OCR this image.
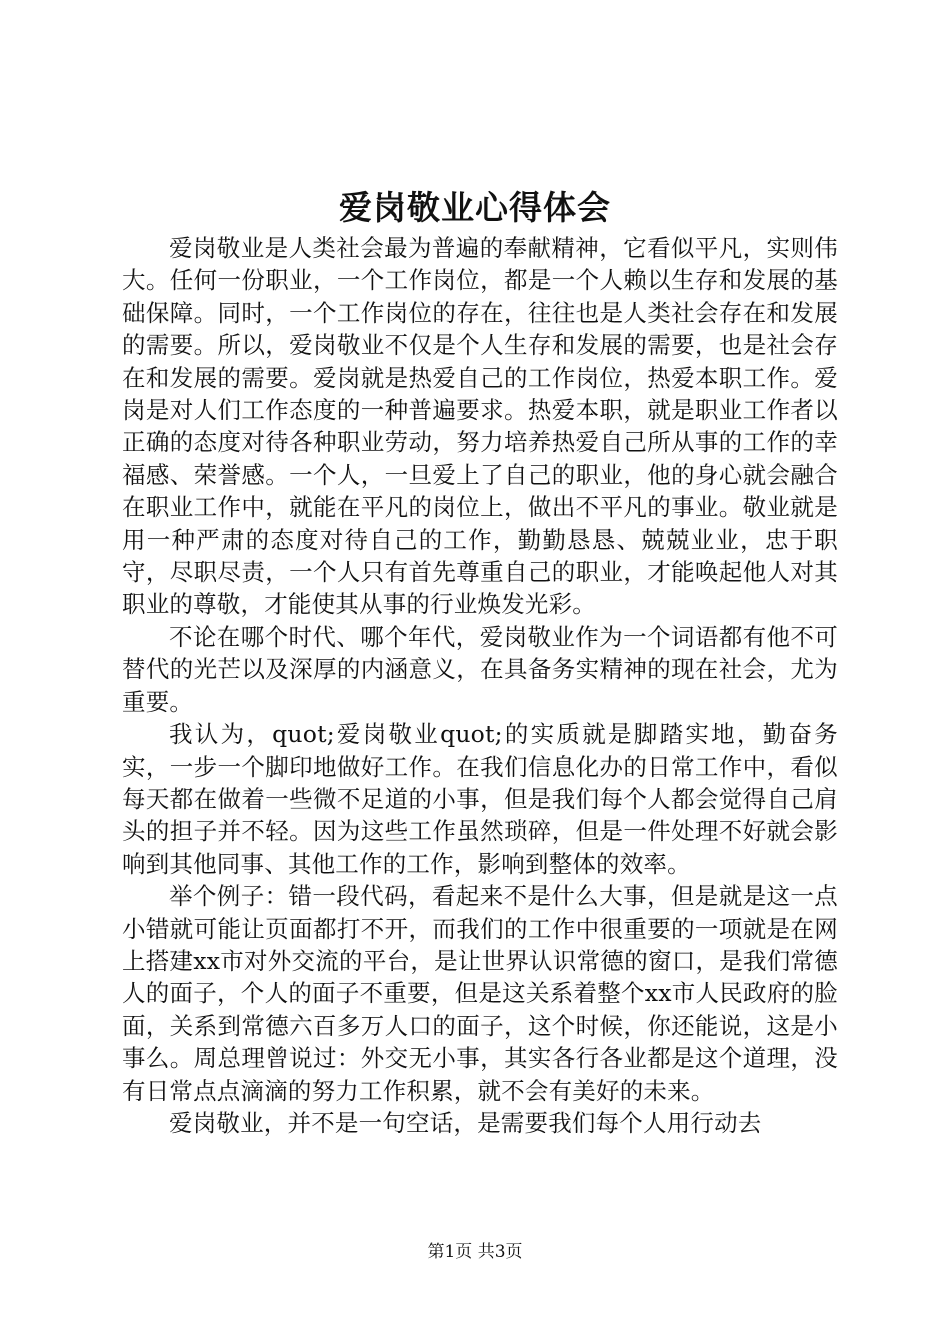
爱岗敬业心得体会

爱岗敬业是人类社会最为普遍的奉献精神，它看似平凡，实则伟大。任何一份职业，一个工作岗位，都是一个人赖以生存和发展的基础保障。同时，一个工作岗位的存在，往往也是人类社会存在和发展的需要。所以，爱岗敬业不仅是个人生存和发展的需要，也是社会存在和发展的需要。爱岗就是热爱自己的工作岗位，热爱本职工作。爱岗是对人们工作态度的一种普遍要求。热爱本职，就是职业工作者以正确的态度对待各种职业劳动，努力培养热爱自己所从事的工作的幸福感、荣誉感。一个人，一旦爱上了自己的职业，他的身心就会融合在职业工作中，就能在平凡的岗位上，做出不平凡的事业。敬业就是用一种严肃的态度对待自己的工作，勤勤恳恳、兢兢业业，忠于职守，尽职尽责，一个人只有首先尊重自己的职业，才能唤起他人对其职业的尊敬，才能使其从事的行业焕发光彩。

不论在哪个时代、哪个年代，爱岗敬业作为一个词语都有他不可替代的光芒以及深厚的内涵意义，在具备务实精神的现在社会，尤为重要。

我认为，quot;爱岗敬业quot;的实质就是脚踏实地，勤奋务实，一步一个脚印地做好工作。在我们信息化办的日常工作中，看似每天都在做着一些微不足道的小事，但是我们每个人都会觉得自己肩头的担子并不轻。因为这些工作虽然琐碎，但是一件处理不好就会影响到其他同事、其他工作的工作，影响到整体的效率。

举个例子：错一段代码，看起来不是什么大事，但是就是这一点小错就可能让页面都打不开，而我们的工作中很重要的一项就是在网上搭建xx市对外交流的平台，是让世界认识常德的窗口，是我们常德人的面子，个人的面子不重要，但是这关系着整个xx市人民政府的脸面，关系到常德六百多万人口的面子，这个时候，你还能说，这是小事么。周总理曾说过：外交无小事，其实各行各业都是这个道理，没有日常点点滴滴的努力工作积累，就不会有美好的未来。

爱岗敬业，并不是一句空话，是需要我们每个人用行动去

第1页 共3页
